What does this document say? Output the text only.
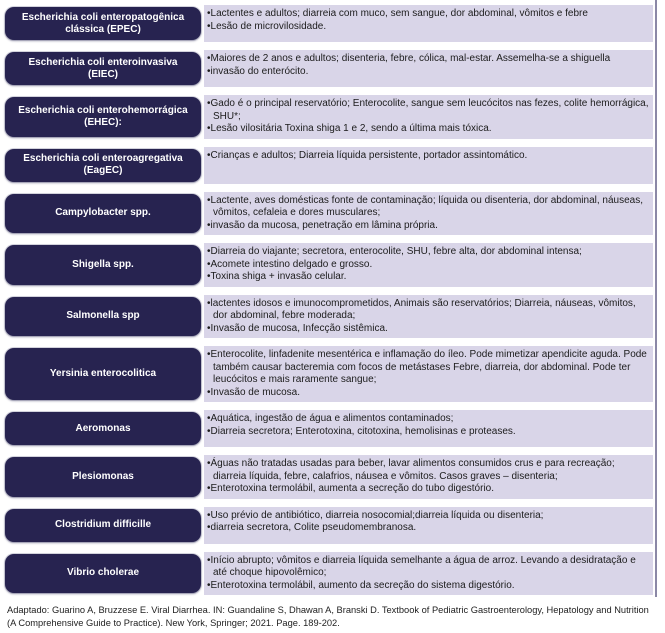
Escherichia coli enteropatogênica clássica (EPEC)
•Lactentes e adultos; diarreia com muco, sem sangue, dor abdominal, vômitos e febre
•Lesão de microvilosidade.
Escherichia coli enteroinvasiva (EIEC)
•Maiores de 2 anos e adultos; disenteria, febre, cólica, mal-estar. Assemelha-se a shiguella
•invasão do enterócito.
Escherichia coli enterohemorrágica (EHEC):
•Gado é o principal reservatório; Enterocolite, sangue sem leucócitos nas fezes, colite hemorrágica, SHU*;
•Lesão vilositária Toxina shiga 1 e 2, sendo a última mais tóxica.
Escherichia coli enteroagregativa (EagEC)
•Crianças e adultos; Diarreia líquida persistente, portador assintomático.
Campylobacter spp.
•Lactente, aves domésticas fonte de contaminação; líquida ou disenteria, dor abdominal, náuseas, vômitos, cefaleia e dores musculares;
•invasão da mucosa, penetração em lâmina própria.
Shigella spp.
•Diarreia do viajante; secretora, enterocolite, SHU, febre alta, dor abdominal intensa;
•Acomete intestino delgado e grosso.
•Toxina shiga + invasão celular.
Salmonella spp
•lactentes idosos e imunocomprometidos, Animais são reservatórios; Diarreia, náuseas, vômitos, dor abdominal, febre moderada;
•Invasão de mucosa, Infecção sistêmica.
Yersinia enterocolitica
•Enterocolite, linfadenite mesentérica e inflamação do íleo. Pode mimetizar apendicite aguda. Pode também causar bacteremia com focos de metástases Febre, diarreia, dor abdominal. Pode ter leucócitos e mais raramente sangue;
•Invasão de mucosa.
Aeromonas
•Aquática, ingestão de água e alimentos contaminados;
•Diarreia secretora; Enterotoxina, citotoxina, hemolisinas e proteases.
Plesiomonas
•Águas não tratadas usadas para beber, lavar alimentos consumidos crus e para recreação; diarreia líquida, febre, calafrios, náusea e vômitos. Casos graves – disenteria;
•Enterotoxina termolábil, aumenta a secreção do tubo digestório.
Clostridium difficille
•Uso prévio de antibiótico, diarreia nosocomial;diarreia líquida ou disenteria;
•diarreia secretora, Colite pseudomembranosa.
Vibrio cholerae
•Início abrupto; vômitos e diarreia líquida semelhante a água de arroz. Levando a desidratação e até choque hipovolêmico;
•Enterotoxina termolábil, aumento da secreção do sistema digestório.
Adaptado: Guarino A, Bruzzese E. Viral Diarrhea. IN: Guandaline S, Dhawan A, Branski D. Textbook of Pediatric Gastroenterology, Hepatology and Nutrition (A Comprehensive Guide to Practice). New York, Springer; 2021. Page. 189-202.
